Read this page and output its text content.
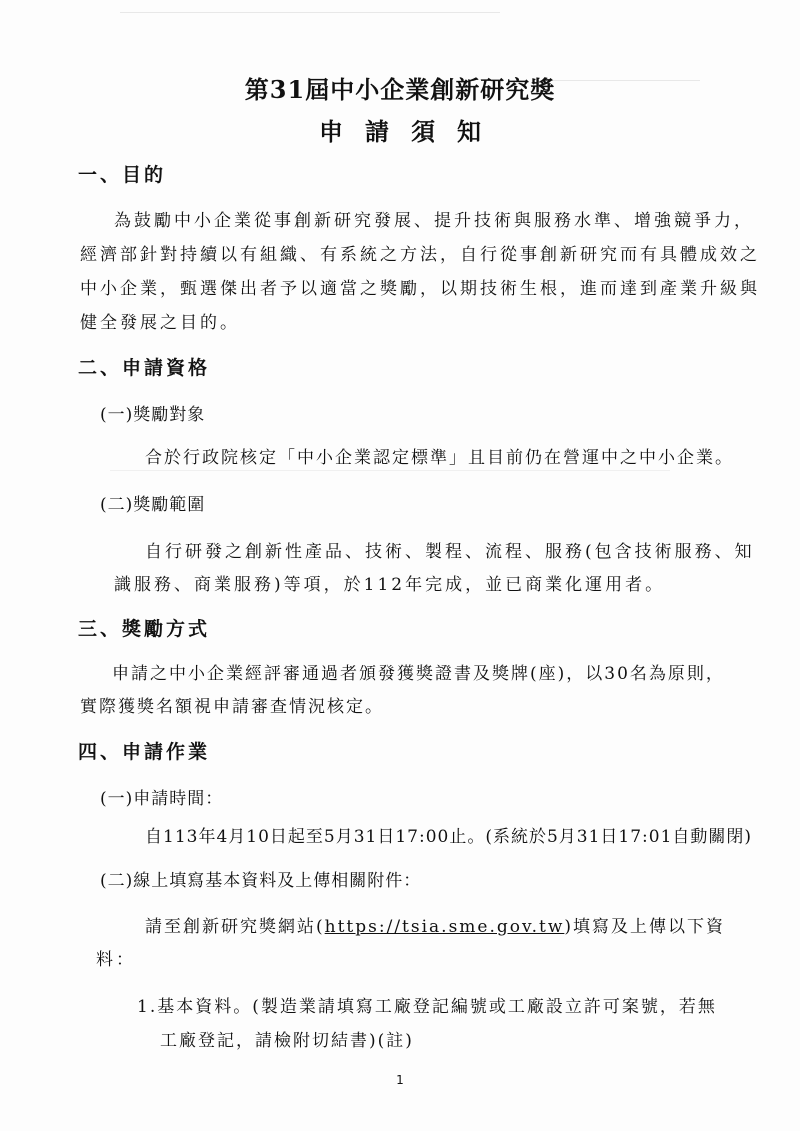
第31屆中小企業創新研究獎
申請須知
一、目的
為鼓勵中小企業從事創新研究發展、提升技術與服務水準、增強競爭力，
經濟部針對持續以有組織、有系統之方法，自行從事創新研究而有具體成效之
中小企業，甄選傑出者予以適當之獎勵，以期技術生根，進而達到產業升級與
健全發展之目的。
二、申請資格
(一)獎勵對象
合於行政院核定「中小企業認定標準」且目前仍在營運中之中小企業。
(二)獎勵範圍
自行研發之創新性產品、技術、製程、流程、服務(包含技術服務、知
識服務、商業服務)等項，於112年完成，並已商業化運用者。
三、獎勵方式
申請之中小企業經評審通過者頒發獲獎證書及獎牌(座)，以30名為原則，
實際獲獎名額視申請審查情況核定。
四、申請作業
(一)申請時間：
自113年4月10日起至5月31日17:00止。(系統於5月31日17:01自動關閉)
(二)線上填寫基本資料及上傳相關附件：
請至創新研究獎網站(https://tsia.sme.gov.tw)填寫及上傳以下資
料：
1.基本資料。(製造業請填寫工廠登記編號或工廠設立許可案號，若無
工廠登記，請檢附切結書)(註)
1
